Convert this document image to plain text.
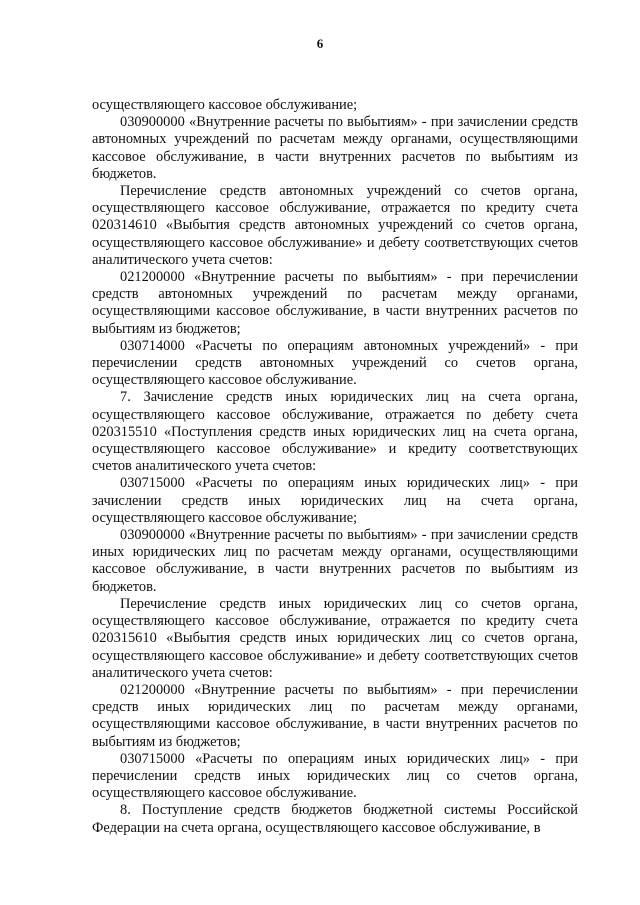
6

осуществляющего кассовое обслуживание;

030900000 «Внутренние расчеты по выбытиям» - при зачислении средств автономных учреждений по расчетам между органами, осуществляющими кассовое обслуживание, в части внутренних расчетов по выбытиям из бюджетов.

Перечисление средств автономных учреждений со счетов органа, осуществляющего кассовое обслуживание, отражается по кредиту счета 020314610 «Выбытия средств автономных учреждений со счетов органа, осуществляющего кассовое обслуживание» и дебету соответствующих счетов аналитического учета счетов:

021200000 «Внутренние расчеты по выбытиям» - при перечислении средств автономных учреждений по расчетам между органами, осуществляющими кассовое обслуживание, в части внутренних расчетов по выбытиям из бюджетов;

030714000 «Расчеты по операциям автономных учреждений» - при перечислении средств автономных учреждений со счетов органа, осуществляющего кассовое обслуживание.

7. Зачисление средств иных юридических лиц на счета органа, осуществляющего кассовое обслуживание, отражается по дебету счета 020315510 «Поступления средств иных юридических лиц на счета органа, осуществляющего кассовое обслуживание» и кредиту соответствующих счетов аналитического учета счетов:

030715000 «Расчеты по операциям иных юридических лиц» - при зачислении средств иных юридических лиц на счета органа, осуществляющего кассовое обслуживание;

030900000 «Внутренние расчеты по выбытиям» - при зачислении средств иных юридических лиц по расчетам между органами, осуществляющими кассовое обслуживание, в части внутренних расчетов по выбытиям из бюджетов.

Перечисление средств иных юридических лиц со счетов органа, осуществляющего кассовое обслуживание, отражается по кредиту счета 020315610 «Выбытия средств иных юридических лиц со счетов органа, осуществляющего кассовое обслуживание» и дебету соответствующих счетов аналитического учета счетов:

021200000 «Внутренние расчеты по выбытиям» - при перечислении средств иных юридических лиц по расчетам между органами, осуществляющими кассовое обслуживание, в части внутренних расчетов по выбытиям из бюджетов;

030715000 «Расчеты по операциям иных юридических лиц» - при перечислении средств иных юридических лиц со счетов органа, осуществляющего кассовое обслуживание.

8. Поступление средств бюджетов бюджетной системы Российской Федерации на счета органа, осуществляющего кассовое обслуживание, в
